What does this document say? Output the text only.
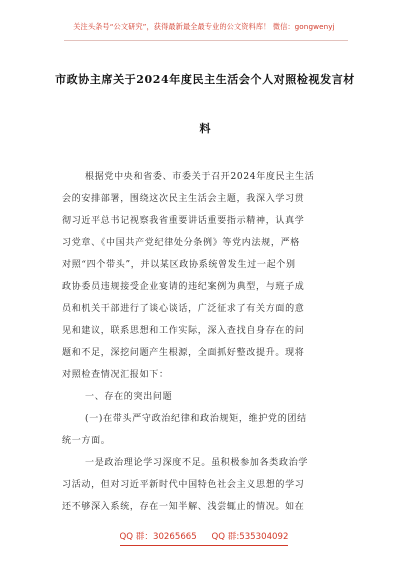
关注头条号“公文研究”，获得最新最全最专业的公文资料库！ 微信：gongwenyj
市政协主席关于2024年度民主生活会个人对照检视发言材
料
根据党中央和省委、市委关于召开2024年度民主生活
会的安排部署，围绕这次民主生活会主题，我深入学习贯
彻习近平总书记视察我省重要讲话重要指示精神，认真学
习党章、《中国共产党纪律处分条例》等党内法规，严格
对照“四个带头”，并以某区政协系统曾发生过一起个别
政协委员违规接受企业宴请的违纪案例为典型，与班子成
员和机关干部进行了谈心谈话，广泛征求了有关方面的意
见和建议，联系思想和工作实际，深入查找自身存在的问
题和不足，深挖问题产生根源，全面抓好整改提升。现将
对照检查情况汇报如下：
一、存在的突出问题
(一)在带头严守政治纪律和政治规矩，维护党的团结
统一方面。
一是政治理论学习深度不足。虽积极参加各类政治学
习活动，但对习近平新时代中国特色社会主义思想的学习
还不够深入系统，存在一知半解、浅尝辄止的情况。如在
QQ 群：30265665 QQ 群:535304092
